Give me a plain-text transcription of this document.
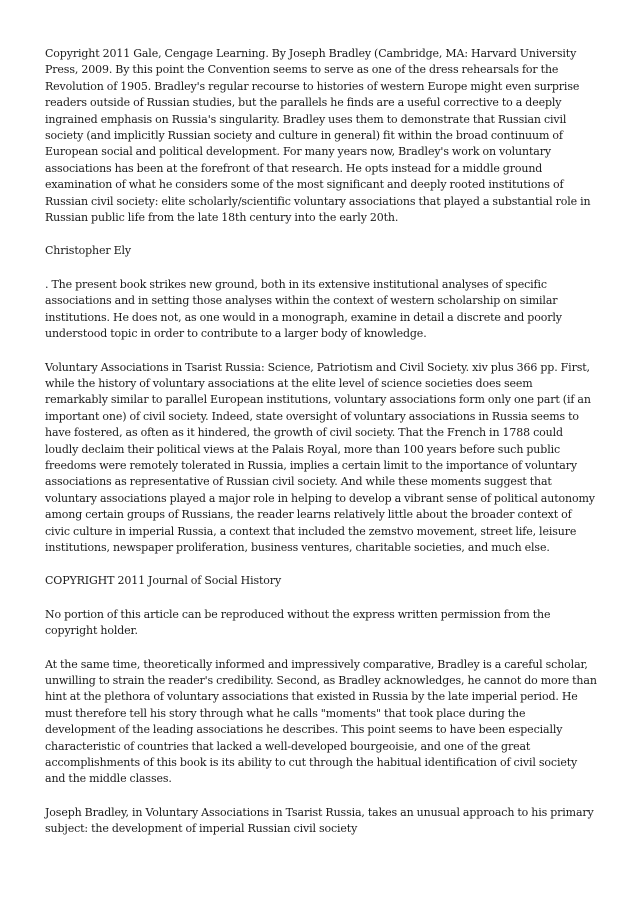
Copyright 2011 Gale, Cengage Learning. By Joseph Bradley (Cambridge, MA: Harvard University Press, 2009. By this point the Convention seems to serve as one of the dress rehearsals for the Revolution of 1905. Bradley's regular recourse to histories of western Europe might even surprise readers outside of Russian studies, but the parallels he finds are a useful corrective to a deeply ingrained emphasis on Russia's singularity. Bradley uses them to demonstrate that Russian civil society (and implicitly Russian society and culture in general) fit within the broad continuum of European social and political development. For many years now, Bradley's work on voluntary associations has been at the forefront of that research. He opts instead for a middle ground examination of what he considers some of the most significant and deeply rooted institutions of Russian civil society: elite scholarly/scientific voluntary associations that played a substantial role in Russian public life from the late 18th century into the early 20th.

Christopher Ely

. The present book strikes new ground, both in its extensive institutional analyses of specific associations and in setting those analyses within the context of western scholarship on similar institutions. He does not, as one would in a monograph, examine in detail a discrete and poorly understood topic in order to contribute to a larger body of knowledge.

Voluntary Associations in Tsarist Russia: Science, Patriotism and Civil Society. xiv plus 366 pp. First, while the history of voluntary associations at the elite level of science societies does seem remarkably similar to parallel European institutions, voluntary associations form only one part (if an important one) of civil society. Indeed, state oversight of voluntary associations in Russia seems to have fostered, as often as it hindered, the growth of civil society. That the French in 1788 could loudly declaim their political views at the Palais Royal, more than 100 years before such public freedoms were remotely tolerated in Russia, implies a certain limit to the importance of voluntary associations as representative of Russian civil society. And while these moments suggest that voluntary associations played a major role in helping to develop a vibrant sense of political autonomy among certain groups of Russians, the reader learns relatively little about the broader context of civic culture in imperial Russia, a context that included the zemstvo movement, street life, leisure institutions, newspaper proliferation, business ventures, charitable societies, and much else.

COPYRIGHT 2011 Journal of Social History

No portion of this article can be reproduced without the express written permission from the copyright holder.

At the same time, theoretically informed and impressively comparative, Bradley is a careful scholar, unwilling to strain the reader's credibility. Second, as Bradley acknowledges, he cannot do more than hint at the plethora of voluntary associations that existed in Russia by the late imperial period. He must therefore tell his story through what he calls "moments" that took place during the development of the leading associations he describes. This point seems to have been especially characteristic of countries that lacked a well-developed bourgeoisie, and one of the great accomplishments of this book is its ability to cut through the habitual identification of civil society and the middle classes.

Joseph Bradley, in Voluntary Associations in Tsarist Russia, takes an unusual approach to his primary subject: the development of imperial Russian civil society
